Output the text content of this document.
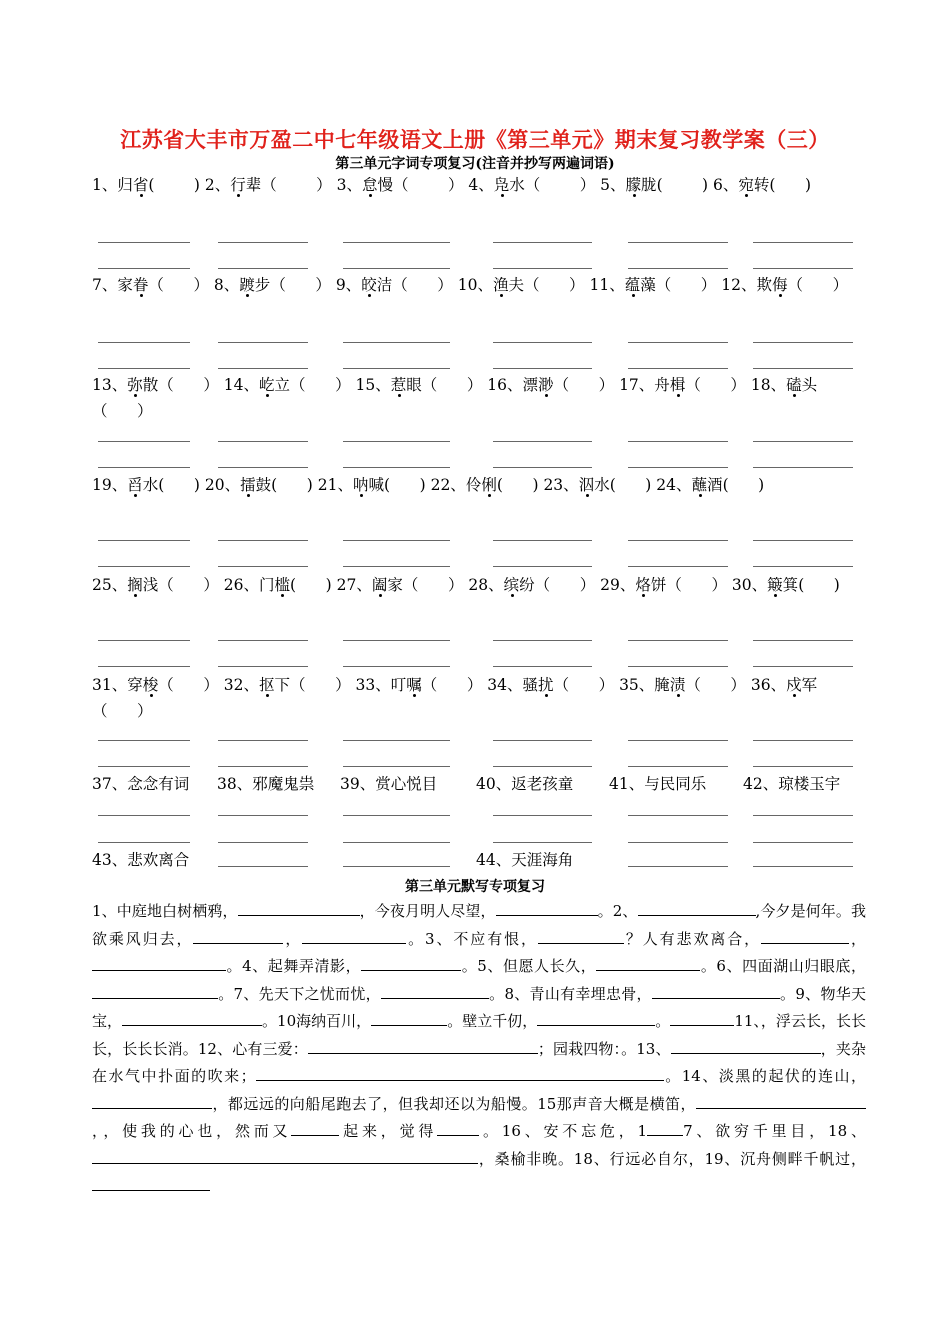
江苏省大丰市万盈二中七年级语文上册《第三单元》期末复习教学案（三）
第三单元字词专项复习(注音并抄写两遍词语)
1、归省(        ) 2、行辈（        ） 3、怠慢（        ） 4、凫水（        ） 5、朦胧(        ) 6、宛转(      )
7、家眷（      ） 8、踱步（      ） 9、皎洁（      ） 10、渔夫（      ） 11、蕴藻（      ） 12、欺侮（      ）
13、弥散（      ） 14、屹立（      ） 15、惹眼（      ） 16、漂渺（      ） 17、舟楫（      ） 18、磕头（      ）
19、舀水(      ) 20、擂鼓(      ) 21、呐喊(      ) 22、伶俐(      ) 23、泅水(      ) 24、蘸酒(      )
25、搁浅（      ） 26、门槛(      ) 27、阖家（      ） 28、缤纷（      ） 29、烙饼（      ） 30、簸箕(      )
31、穿梭（      ） 32、抠下（      ） 33、叮嘱（      ） 34、骚扰（      ） 35、腌渍（      ） 36、戍军（      ）
37、念念有词 38、邪魔鬼祟 39、赏心悦目	40、返老孩童 41、与民同乐 42、琼楼玉宇
43、悲欢离合	44、天涯海角
第三单元默写专项复习
1、中庭地白树栖鸦，	，今夜月明人尽望，	。2、	,今夕是何年。我欲乘风归去，	，	。3、不应有恨，	？人有悲欢离合，	，。4、起舞弄清影，	。5、但愿人长久，	。6、四面湖山归眼底，。7、先天下之忧而忧，	。8、青山有幸埋忠骨，	。9、物华天宝，	。10海纳百川，	。壁立千仞，	。	11、，浮云长，长长长，长长长消。12、心有三爱：	；园栽四物：。13、	，夹杂在水气中扑面的吹来；	。14、淡黑的起伏的连山，，都远远的向船尾跑去了，但我却还以为船慢。15那声音大概是横笛，，，使我的心也，然而又	起来，觉得	。16、安不忘危，1 7、欲穷千里目，18、，桑榆非晚。18、行远必自尔，19、沉舟侧畔千帆过，
